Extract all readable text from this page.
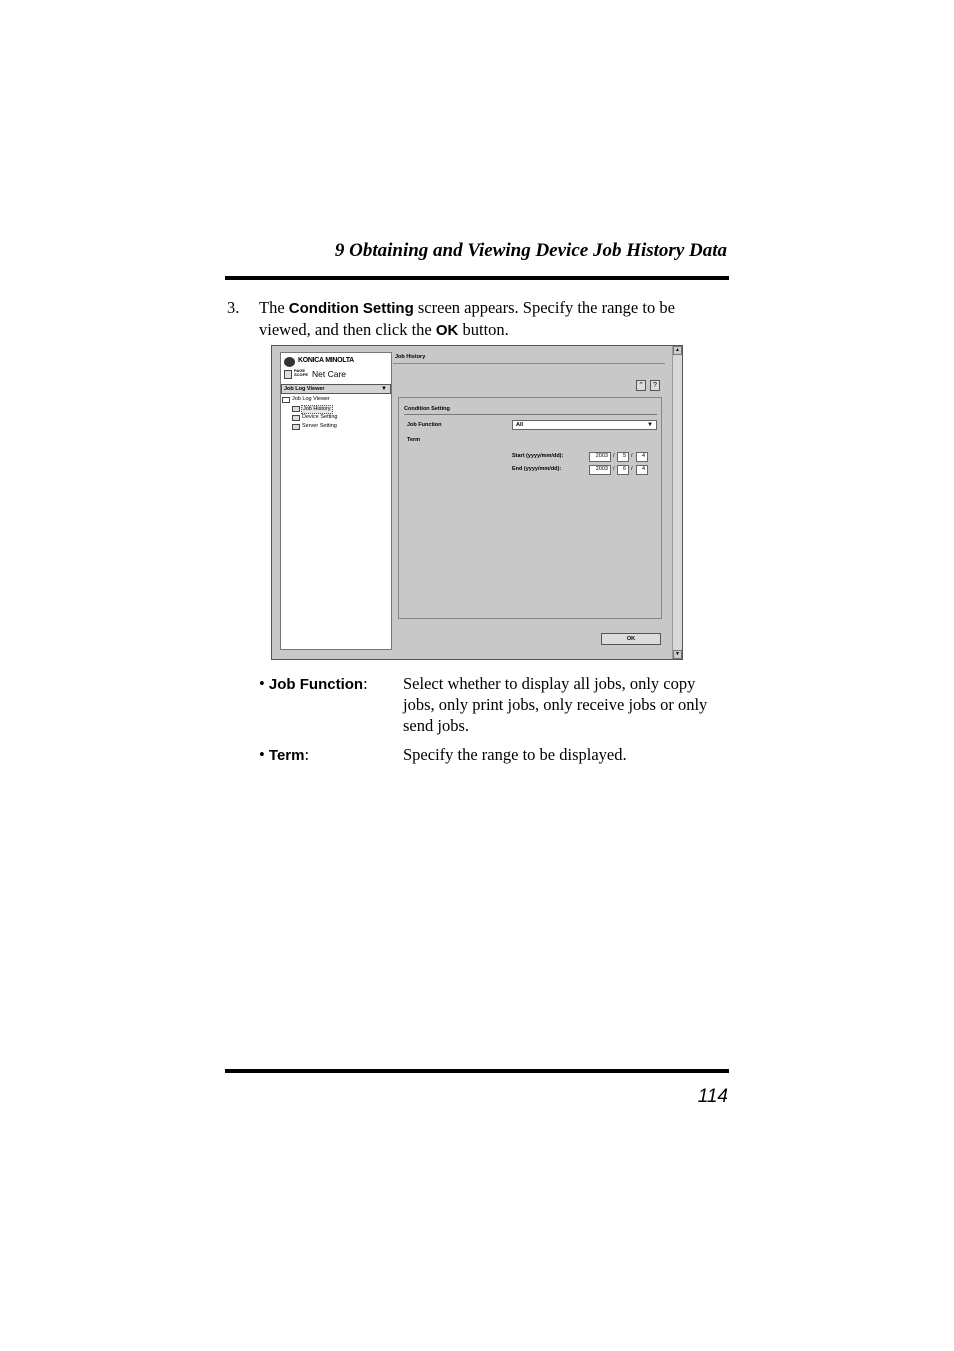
9 Obtaining and Viewing Device Job History Data
3. The Condition Setting screen appears. Specify the range to be viewed, and then click the OK button.
KONICA MINOLTA
PAGE
SCOPE Net Care
Job Log Viewer	▼
Job Log Viewer
Job History
Device Setting
Server Setting
Job History
⌃	?
Condition Setting
Job Function	All	▼
Term
Start (yyyy/mm/dd):	2003 /	5 /	4
End (yyyy/mm/dd):	2003 /	6 /	4
OK
▲
▼
• Job Function: Select whether to display all jobs, only copy jobs, only print jobs, only receive jobs or only send jobs.
• Term:	Specify the range to be displayed.
114
